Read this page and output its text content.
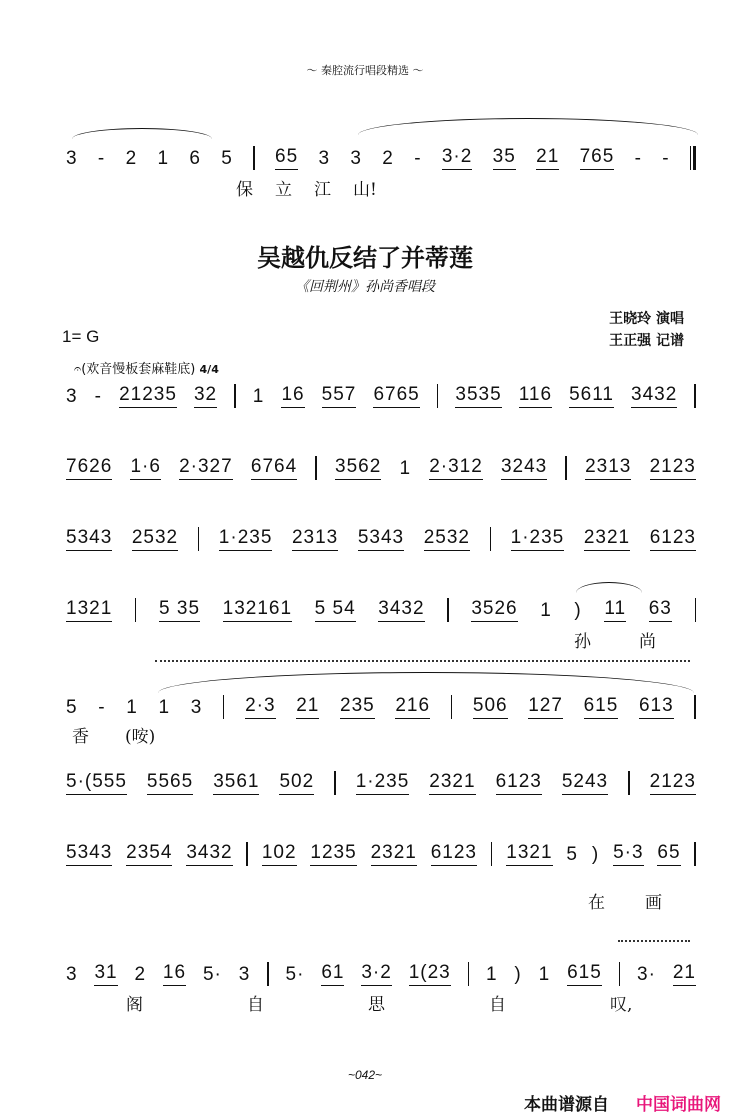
〜 秦腔流行唱段精选 〜
3 - 2 1 6 5 65 3 3 2 - 3·2 35 21 765 - -
保 立 江 山!
吴越仇反结了并蒂莲
《回荆州》孙尚香唱段
王晓玲 演唱
王正强 记谱
1= G
𝄐(欢音慢板套麻鞋底) 4/4
3 - 21235 32 1 16 557 6765 3535 116 5611 3432
7626 1·6 2·327 6764 3562 1 2·312 3243 2313 2123
5343 2532 1·235 2313 5343 2532 1·235 2321 6123
1321 5 35 132161 5 54 3432 3526 1 ) 11 63
孙	尚
5 - 1 1 3 2·3 21 235 216 506 127 615 613
香 (咹)
5·(555 5565 3561 502 1·235 2321 6123 5243 2123
5343 2354 3432 102 1235 2321 6123 1321 5 ) 5·3 65
在 画
3 31 2 16 5· 3 5· 61 3·2 1(23 1 ) 1 615 3· 21
阁	自	思	自	叹,
~042~
本曲谱源自 中国词曲网
